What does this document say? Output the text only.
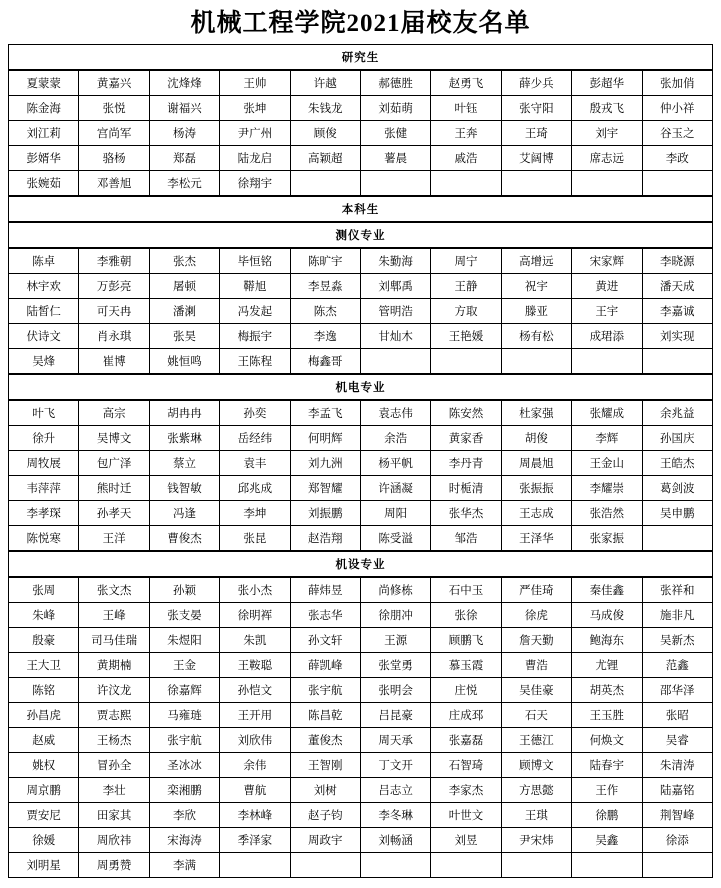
机械工程学院2021届校友名单
研究生
夏蒙蒙	黄嘉兴	沈烽烽	王帅	许越	郝德胜	赵勇飞	薛少兵	彭超华	张加俏
陈金海	张悦	谢福兴	张坤	朱钱龙	刘茹萌	叶钰	张守阳	殷戎飞	仲小祥
刘江莉	宫尚军	杨涛	尹广州	顾俊	张健	王奔	王琦	刘宇	谷玉之
彭婿华	骆杨	郑磊	陆龙启	高颖超	薯晨	戚浩	艾阔博	席志远	李政
张婉茹	邓善旭	李松元	徐翔宇						
本科生
测仪专业
陈卓	李雅朝	张杰	毕恒铭	陈旷宇	朱勤海	周宁	高增远	宋家辉	李晓源
林宇欢	万彭亮	屠顿	鞯旭	李昱淼	刘郫禹	王静	祝宇	黄进	潘天成
陆皙仁	可天冉	潘溂	冯发起	陈杰	管明浩	方取	滕亚	王宇	李嘉诚
伏诗文	肖永琪	张昊	梅振宇	李逸	甘灿木	王艳媛	杨有松	成珺添	刘实现
吴烽	崔博	姚恒鸣	王陈程	梅鑫哥					
机电专业
叶飞	高宗	胡冉冉	孙奕	李孟飞	袁志伟	陈安然	杜家强	张耀成	余兆益
徐升	吴博文	张紫琳	岳经纬	何明辉	余浩	黄家香	胡俊	李辉	孙国庆
周牧展	包广泽	蔡立	袁丰	刘九洲	杨平帆	李丹青	周晨旭	王金山	王皓杰
韦萍萍	熊时迁	钱智敏	邱兆成	郑智耀	许涵凝	时栀清	张振振	李耀崇	葛剑波
李孝琛	孙孝天	冯逢	李坤	刘振鹏	周阳	张华杰	王志成	张浩然	吴申鹏
陈悦寒	王洋	曹俊杰	张昆	赵浩翔	陈受溢	邹浩	王泽华	张家振	
机设专业
张周	张文杰	孙颖	张小杰	薛炜昱	尚修栋	石中玉	严佳琦	秦佳鑫	张祥和
朱峰	王峰	张支晏	徐明裈	张志华	徐朋冲	张徐	徐虎	马成俊	施非凡
殷豪	司马佳瑞	朱煜阳	朱凯	孙文轩	王源	顾鹏飞	詹天勤	鲍海东	吴新杰
王大卫	黄期楠	王金	王鞍聪	薛凯峰	张堂勇	慕玉霞	曹浩	尤锂	范鑫
陈铭	许汶龙	徐嘉辉	孙恺文	张宇航	张明会	庄悦	吴佳豪	胡英杰	邵华泽
孙昌虎	贾志熙	马雍琏	王开用	陈昌乾	吕昆豪	庄成邳	石天	王玉胜	张昭
赵威	王杨杰	张宇航	刘欣伟	董俊杰	周天承	张嘉磊	王德江	何焕文	吴睿
姚权	冒孙全	圣冰冰	余伟	王智刚	丁文开	石智琦	顾博文	陆春宇	朱清涛
周京鹏	李壮	栾湘鹏	曹航	刘树	吕志立	李家杰	方思懿	王作	陆嘉铭
贾安尼	田家其	李欣	李林峰	赵子钧	李冬琳	叶世文	王琪	徐鹏	荆智峰
徐媛	周欣祎	宋海涛	季泽家	周政宇	刘畅涵	刘昱	尹宋炜	吴鑫	徐添
刘明星	周勇赞	李满							
